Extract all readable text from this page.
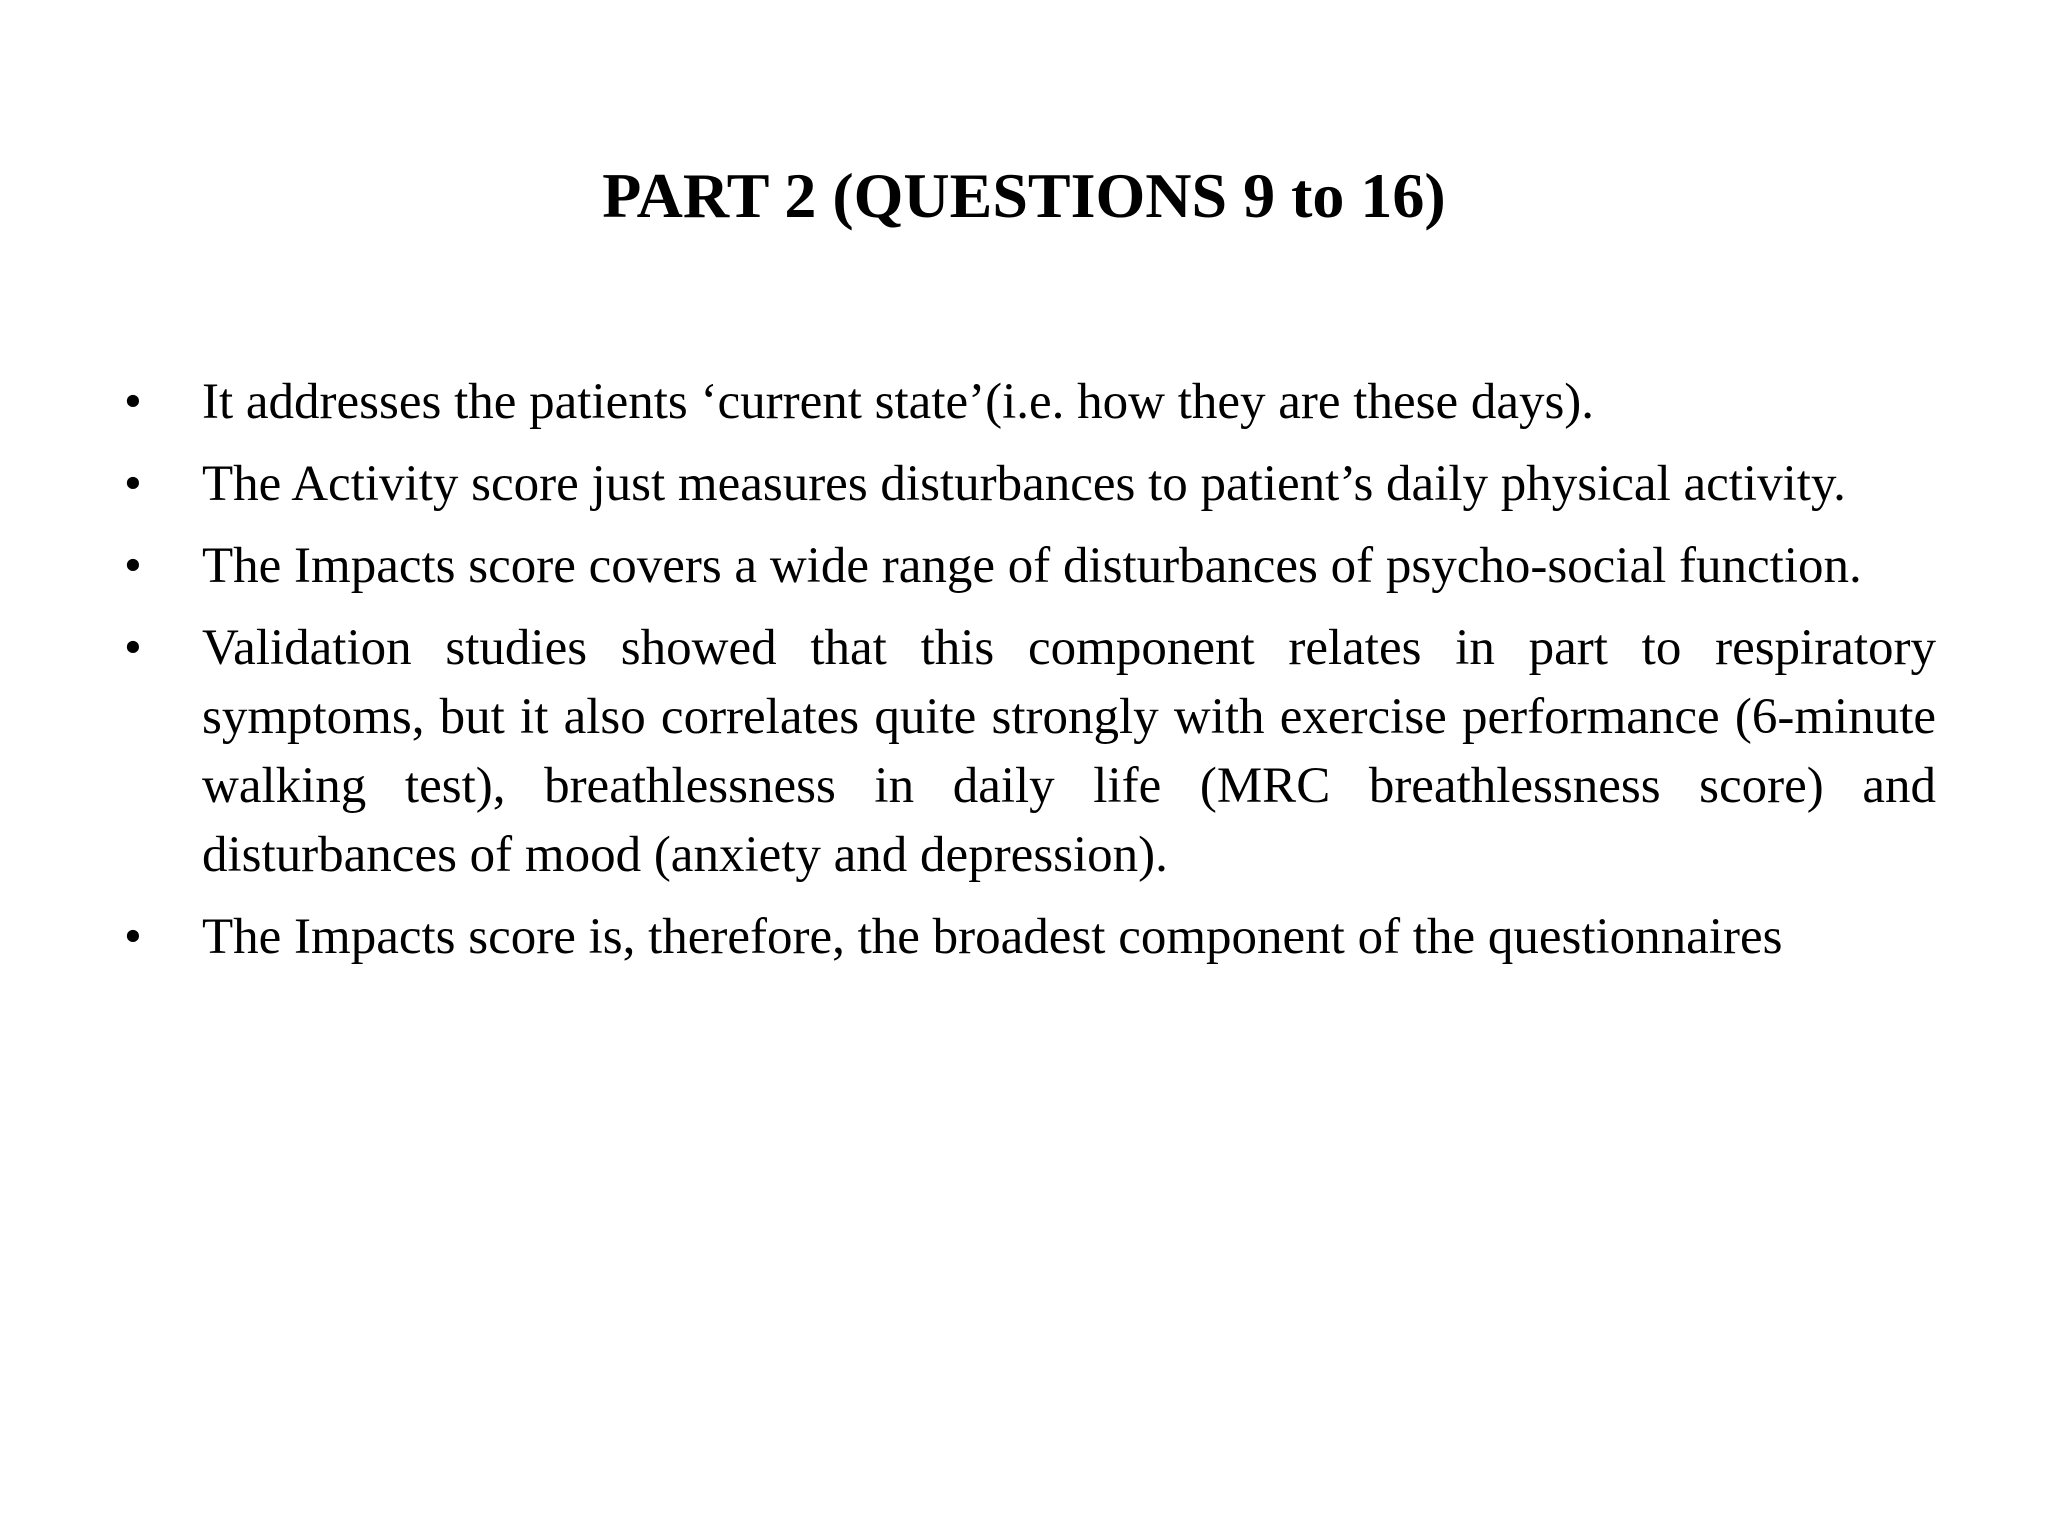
PART 2 (QUESTIONS 9 to 16)
•	It addresses the patients ‘current state’(i.e. how they are these days).
•	The Activity score just measures disturbances to patient’s daily physical activity.
•	The Impacts score covers a wide range of disturbances of psycho-social function.
•	Validation studies showed that this component relates in part to respiratory symptoms, but it also correlates quite strongly with exercise performance (6-minute walking test), breathlessness in daily life (MRC breathlessness score) and disturbances of mood (anxiety and depression).
•	The Impacts score is, therefore, the broadest component of the questionnaires
